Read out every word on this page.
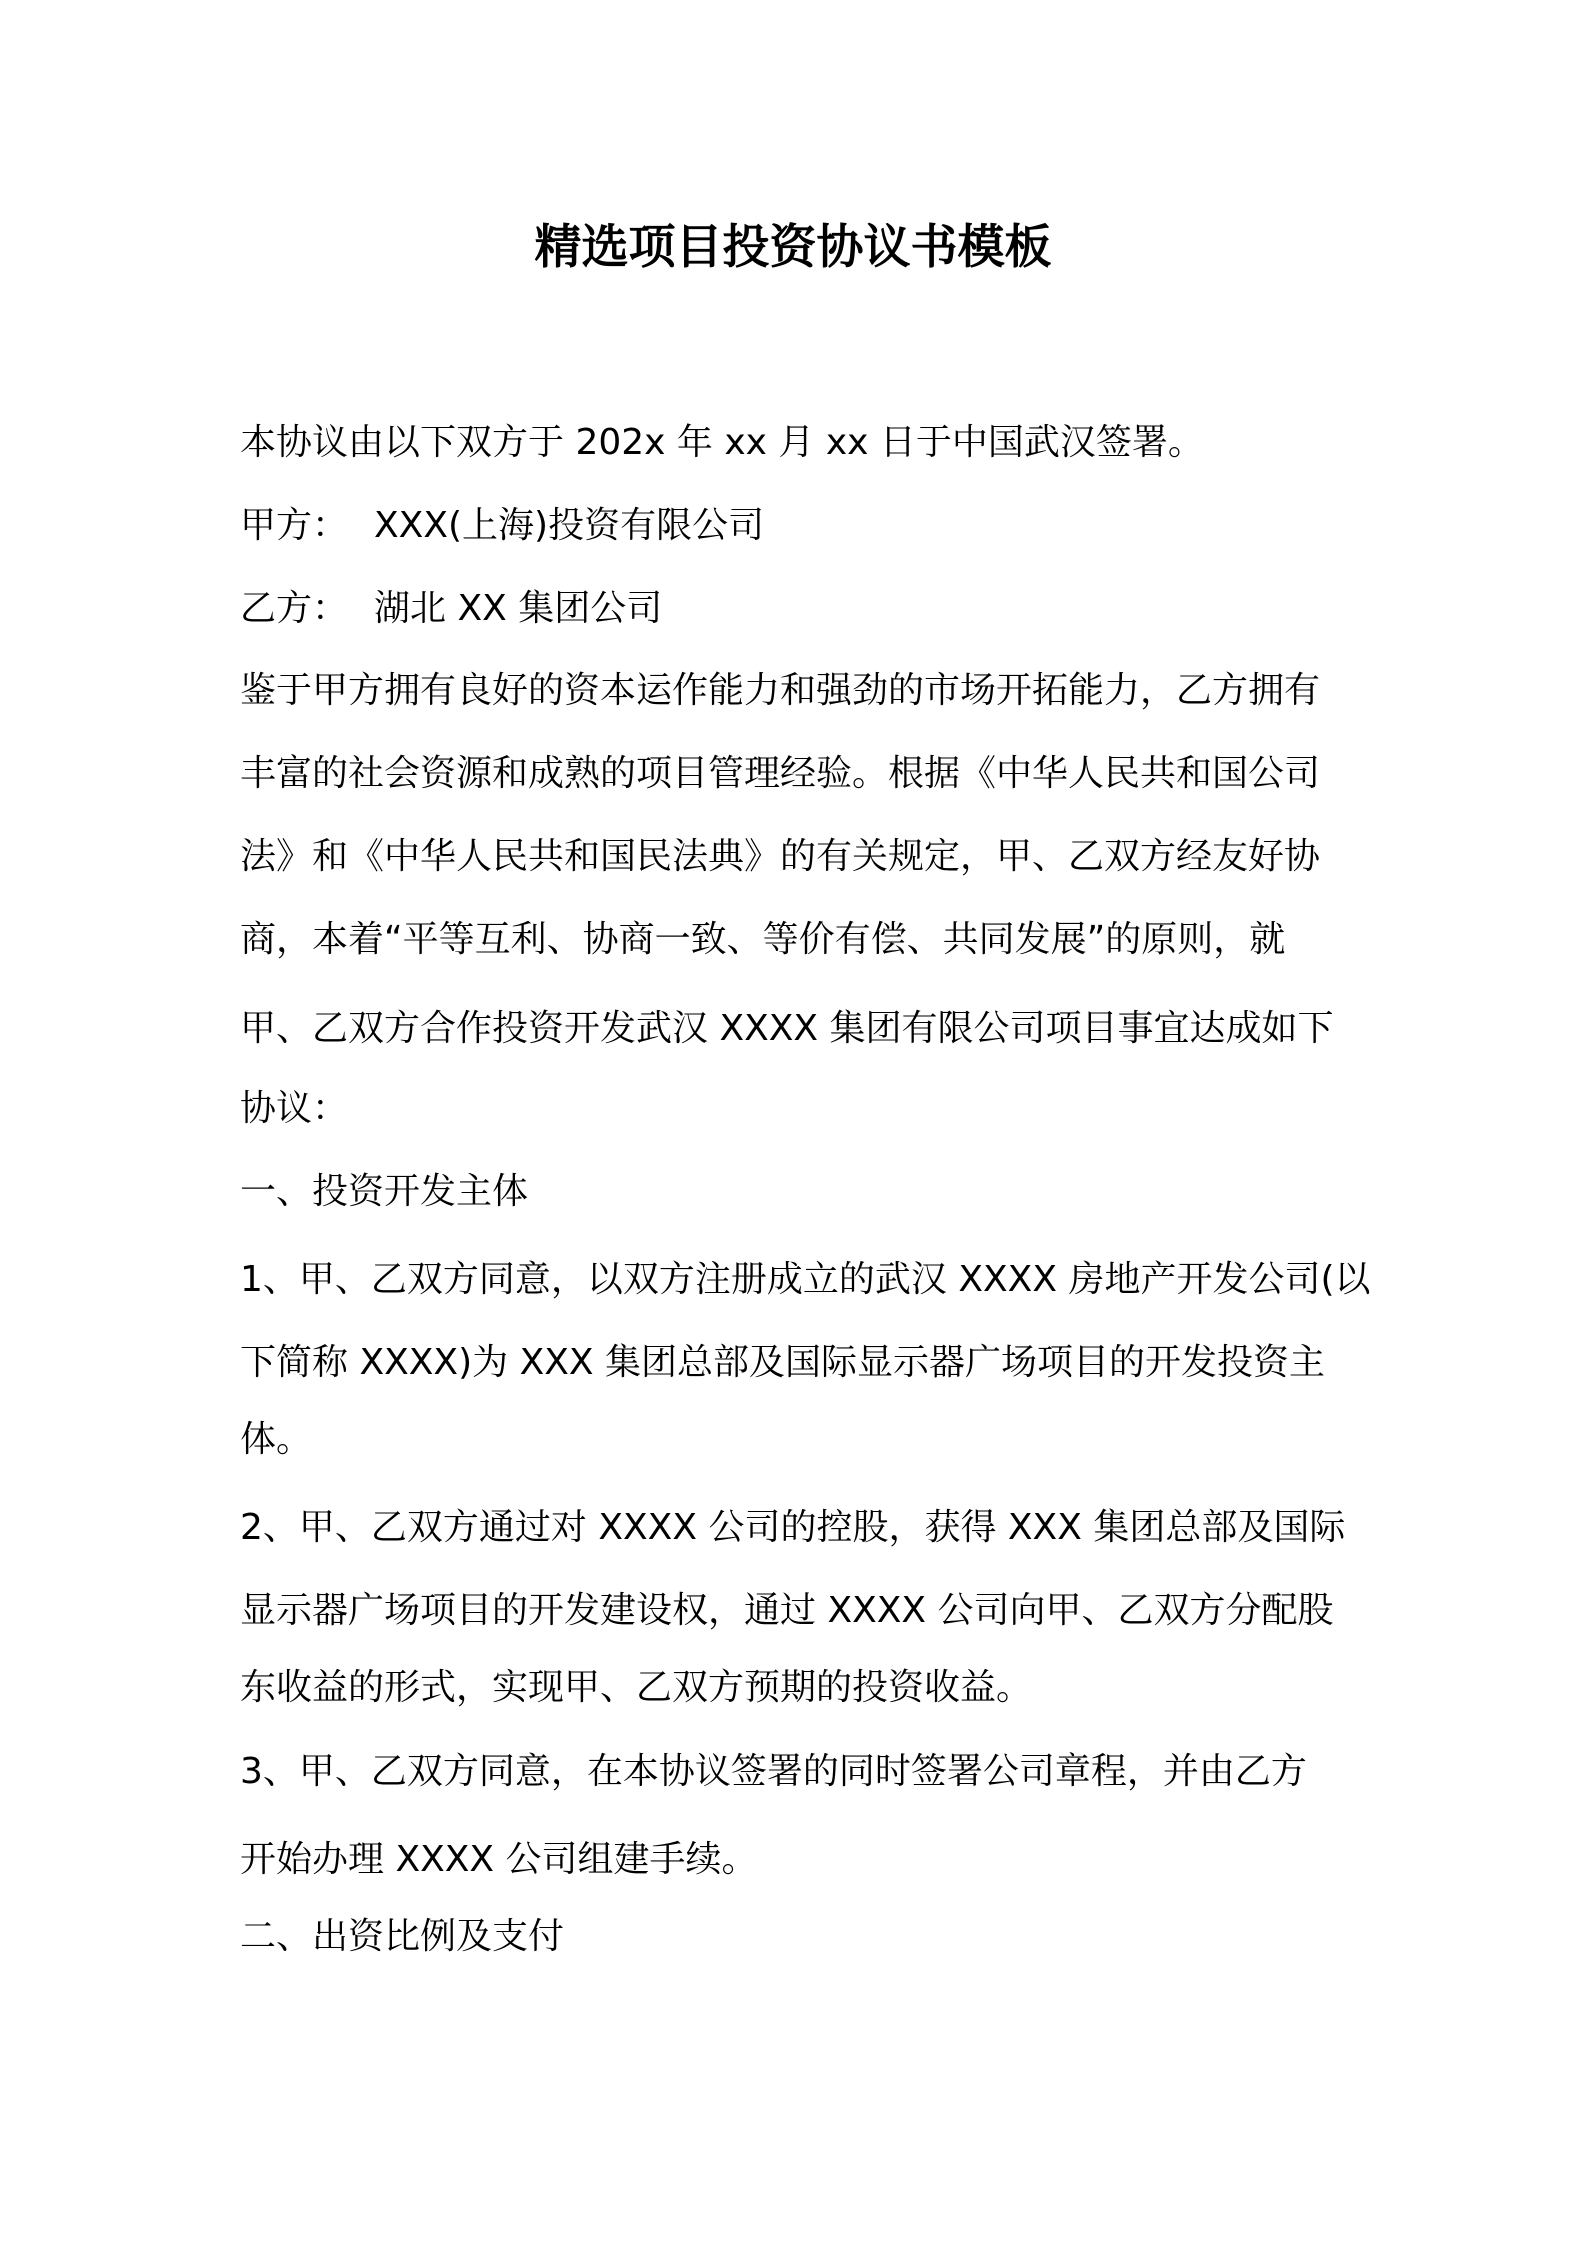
精选项目投资协议书模板

本协议由以下双方于 202x 年 xx 月 xx 日于中国武汉签署。

甲方： XXX(上海)投资有限公司

乙方： 湖北 XX 集团公司

鉴于甲方拥有良好的资本运作能力和强劲的市场开拓能力，乙方拥有

丰富的社会资源和成熟的项目管理经验。根据《中华人民共和国公司

法》和《中华人民共和国民法典》的有关规定，甲、乙双方经友好协

商，本着“平等互利、协商一致、等价有偿、共同发展”的原则，就

甲、乙双方合作投资开发武汉 XXXX 集团有限公司项目事宜达成如下

协议：

一、投资开发主体

1、甲、乙双方同意，以双方注册成立的武汉 XXXX 房地产开发公司(以

下简称 XXXX)为 XXX 集团总部及国际显示器广场项目的开发投资主

体。

2、甲、乙双方通过对 XXXX 公司的控股，获得 XXX 集团总部及国际

显示器广场项目的开发建设权，通过 XXXX 公司向甲、乙双方分配股

东收益的形式，实现甲、乙双方预期的投资收益。

3、甲、乙双方同意，在本协议签署的同时签署公司章程，并由乙方

开始办理 XXXX 公司组建手续。

二、出资比例及支付
